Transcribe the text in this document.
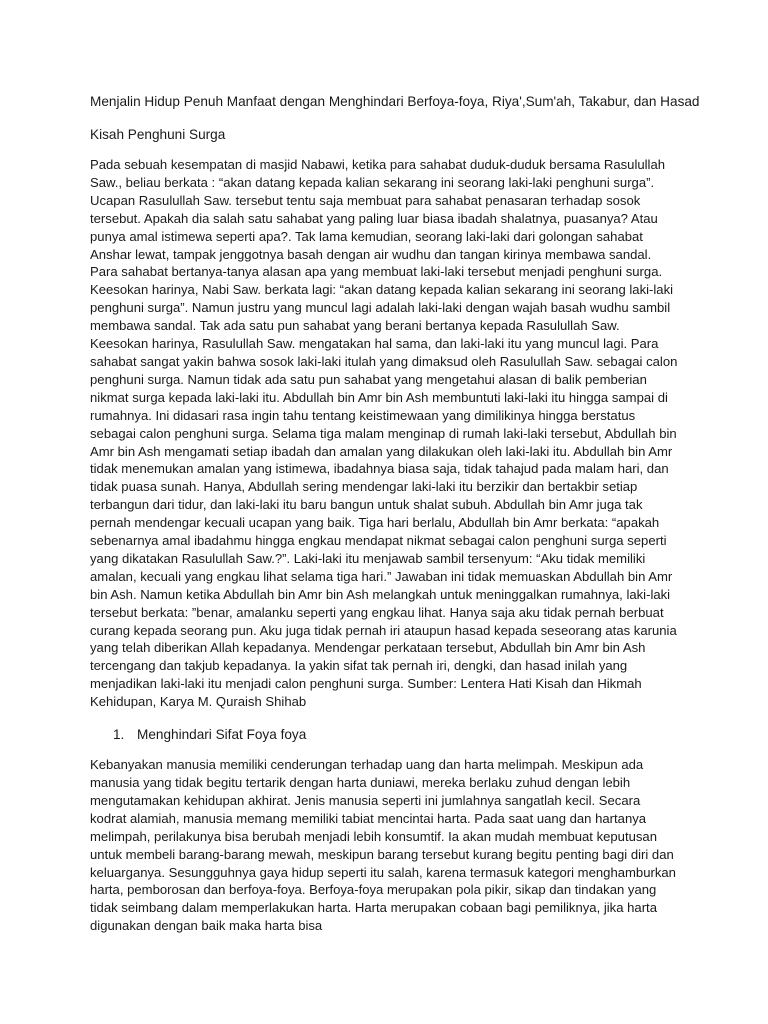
Menjalin Hidup Penuh Manfaat dengan Menghindari Berfoya-foya, Riya',Sum'ah, Takabur, dan Hasad
Kisah Penghuni Surga
Pada sebuah kesempatan di masjid Nabawi, ketika para sahabat duduk-duduk bersama Rasulullah Saw., beliau berkata : “akan datang kepada kalian sekarang ini seorang laki-laki penghuni surga”. Ucapan Rasulullah Saw. tersebut tentu saja membuat para sahabat penasaran terhadap sosok tersebut. Apakah dia salah satu sahabat yang paling luar biasa ibadah shalatnya, puasanya? Atau punya amal istimewa seperti apa?. Tak lama kemudian, seorang laki-laki dari golongan sahabat Anshar lewat, tampak jenggotnya basah dengan air wudhu dan tangan kirinya membawa sandal. Para sahabat bertanya-tanya alasan apa yang membuat laki-laki tersebut menjadi penghuni surga. Keesokan harinya, Nabi Saw. berkata lagi: “akan datang kepada kalian sekarang ini seorang laki-laki penghuni surga”. Namun justru yang muncul lagi adalah laki-laki dengan wajah basah wudhu sambil membawa sandal. Tak ada satu pun sahabat yang berani bertanya kepada Rasulullah Saw. Keesokan harinya, Rasulullah Saw. mengatakan hal sama, dan laki-laki itu yang muncul lagi. Para sahabat sangat yakin bahwa sosok laki-laki itulah yang dimaksud oleh Rasulullah Saw. sebagai calon penghuni surga. Namun tidak ada satu pun sahabat yang mengetahui alasan di balik pemberian nikmat surga kepada laki-laki itu. Abdullah bin Amr bin Ash membuntuti laki-laki itu hingga sampai di rumahnya. Ini didasari rasa ingin tahu tentang keistimewaan yang dimilikinya hingga berstatus sebagai calon penghuni surga. Selama tiga malam menginap di rumah laki-laki tersebut, Abdullah bin Amr bin Ash mengamati setiap ibadah dan amalan yang dilakukan oleh laki-laki itu. Abdullah bin Amr tidak menemukan amalan yang istimewa, ibadahnya biasa saja, tidak tahajud pada malam hari, dan tidak puasa sunah. Hanya, Abdullah sering mendengar laki-laki itu berzikir dan bertakbir setiap terbangun dari tidur, dan laki-laki itu baru bangun untuk shalat subuh. Abdullah bin Amr juga tak pernah mendengar kecuali ucapan yang baik. Tiga hari berlalu, Abdullah bin Amr berkata: “apakah sebenarnya amal ibadahmu hingga engkau mendapat nikmat sebagai calon penghuni surga seperti yang dikatakan Rasulullah Saw.?”. Laki-laki itu menjawab sambil tersenyum: “Aku tidak memiliki amalan, kecuali yang engkau lihat selama tiga hari.” Jawaban ini tidak memuaskan Abdullah bin Amr bin Ash. Namun ketika Abdullah bin Amr bin Ash melangkah untuk meninggalkan rumahnya, laki-laki tersebut berkata: ”benar, amalanku seperti yang engkau lihat. Hanya saja aku tidak pernah berbuat curang kepada seorang pun. Aku juga tidak pernah iri ataupun hasad kepada seseorang atas karunia yang telah diberikan Allah kepadanya. Mendengar perkataan tersebut, Abdullah bin Amr bin Ash tercengang dan takjub kepadanya. Ia yakin sifat tak pernah iri, dengki, dan hasad inilah yang menjadikan laki-laki itu menjadi calon penghuni surga. Sumber: Lentera Hati Kisah dan Hikmah Kehidupan, Karya M. Quraish Shihab
1. Menghindari Sifat Foya foya
Kebanyakan manusia memiliki cenderungan terhadap uang dan harta melimpah. Meskipun ada manusia yang tidak begitu tertarik dengan harta duniawi, mereka berlaku zuhud dengan lebih mengutamakan kehidupan akhirat. Jenis manusia seperti ini jumlahnya sangatlah kecil. Secara kodrat alamiah, manusia memang memiliki tabiat mencintai harta. Pada saat uang dan hartanya melimpah, perilakunya bisa berubah menjadi lebih konsumtif. Ia akan mudah membuat keputusan untuk membeli barang-barang mewah, meskipun barang tersebut kurang begitu penting bagi diri dan keluarganya. Sesungguhnya gaya hidup seperti itu salah, karena termasuk kategori menghamburkan harta, pemborosan dan berfoya-foya. Berfoya-foya merupakan pola pikir, sikap dan tindakan yang tidak seimbang dalam memperlakukan harta. Harta merupakan cobaan bagi pemiliknya, jika harta digunakan dengan baik maka harta bisa
